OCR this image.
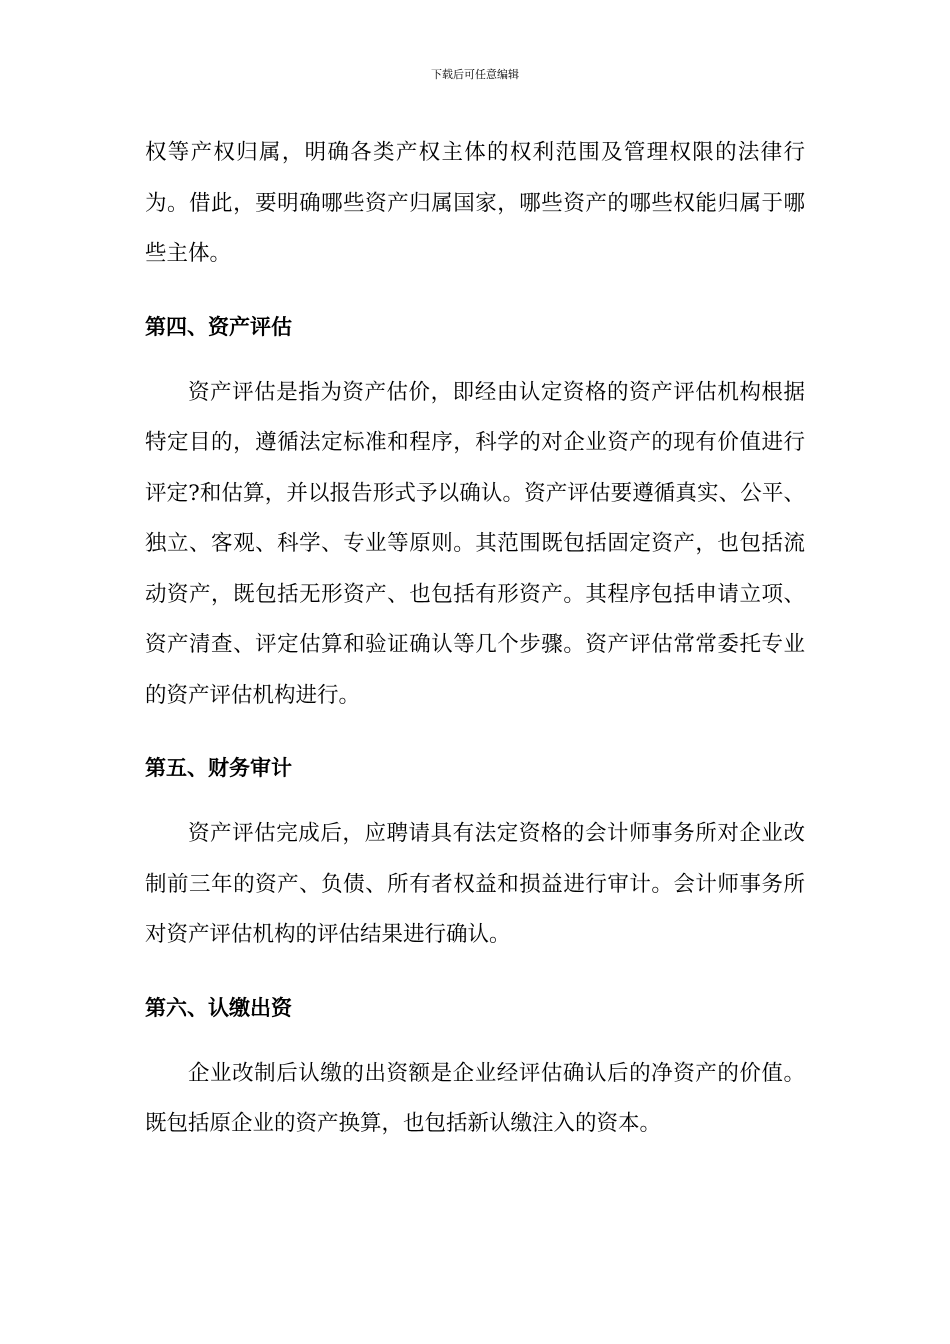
下载后可任意编辑

权等产权归属，明确各类产权主体的权利范围及管理权限的法律行为。借此，要明确哪些资产归属国家，哪些资产的哪些权能归属于哪些主体。

第四、资产评估

资产评估是指为资产估价，即经由认定资格的资产评估机构根据特定目的，遵循法定标准和程序，科学的对企业资产的现有价值进行评定?和估算，并以报告形式予以确认。资产评估要遵循真实、公平、独立、客观、科学、专业等原则。其范围既包括固定资产，也包括流动资产，既包括无形资产、也包括有形资产。其程序包括申请立项、资产清查、评定估算和验证确认等几个步骤。资产评估常常委托专业的资产评估机构进行。

第五、财务审计

资产评估完成后，应聘请具有法定资格的会计师事务所对企业改制前三年的资产、负债、所有者权益和损益进行审计。会计师事务所对资产评估机构的评估结果进行确认。

第六、认缴出资

企业改制后认缴的出资额是企业经评估确认后的净资产的价值。既包括原企业的资产换算，也包括新认缴注入的资本。
